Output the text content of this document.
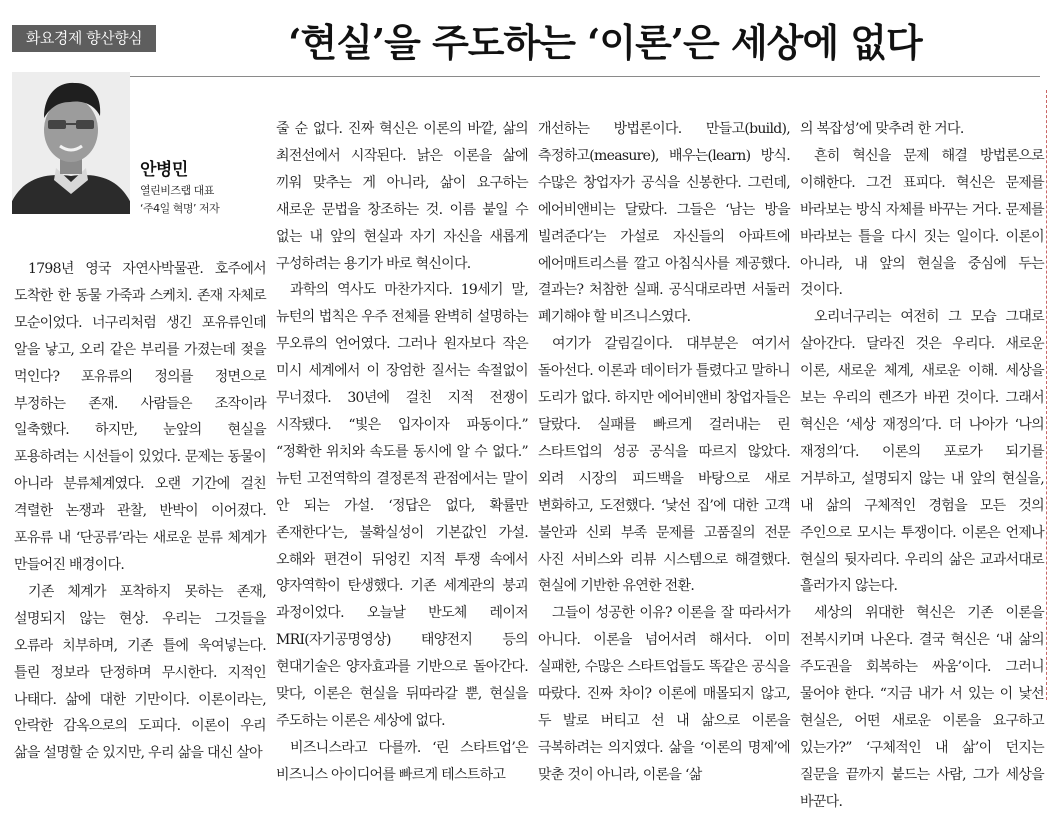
화요경제 향산향심	‘현실’을 주도하는 ‘이론’은 세상에 없다
안병민
열린비즈랩 대표
‘주4일 혁명’ 저자

1798년 영국 자연사박물관. 호주에서 도착한 한 동물 가죽과 스케치. 존재 자체로 모순이었다. 너구리처럼 생긴 포유류인데 알을 낳고, 오리 같은 부리를 가졌는데 젖을 먹인다? 포유류의 정의를 정면으로 부정하는 존재. 사람들은 조작이라 일축했다. 하지만, 눈앞의 현실을 포용하려는 시선들이 있었다. 문제는 동물이 아니라 분류체계였다. 오랜 기간에 걸친 격렬한 논쟁과 관찰, 반박이 이어졌다. 포유류 내 ‘단공류’라는 새로운 분류 체계가 만들어진 배경이다.

기존 체계가 포착하지 못하는 존재, 설명되지 않는 현상. 우리는 그것들을 오류라 치부하며, 기존 틀에 욱여넣는다. 틀린 정보라 단정하며 무시한다. 지적인 나태다. 삶에 대한 기만이다. 이론이라는, 안락한 감옥으로의 도피다. 이론이 우리 삶을 설명할 순 있지만, 우리 삶을 대신 살아

줄 순 없다. 진짜 혁신은 이론의 바깥, 삶의 최전선에서 시작된다. 낡은 이론을 삶에 끼워 맞추는 게 아니라, 삶이 요구하는 새로운 문법을 창조하는 것. 이름 붙일 수 없는 내 앞의 현실과 자기 자신을 새롭게 구성하려는 용기가 바로 혁신이다.

과학의 역사도 마찬가지다. 19세기 말, 뉴턴의 법칙은 우주 전체를 완벽히 설명하는 무오류의 언어였다. 그러나 원자보다 작은 미시 세계에서 이 장엄한 질서는 속절없이 무너졌다. 30년에 걸친 지적 전쟁이 시작됐다. “빛은 입자이자 파동이다.” “정확한 위치와 속도를 동시에 알 수 없다.” 뉴턴 고전역학의 결정론적 관점에서는 말이 안 되는 가설. ‘정답은 없다, 확률만 존재한다’는, 불확실성이 기본값인 가설. 오해와 편견이 뒤엉킨 지적 투쟁 속에서 양자역학이 탄생했다. 기존 세계관의 붕괴 과정이었다. 오늘날 반도체 레이저 MRI(자기공명영상) 태양전지 등의 현대기술은 양자효과를 기반으로 돌아간다. 맞다, 이론은 현실을 뒤따라갈 뿐, 현실을 주도하는 이론은 세상에 없다.

비즈니스라고 다를까. ‘린 스타트업’은 비즈니스 아이디어를 빠르게 테스트하고

개선하는 방법론이다. 만들고(build), 측정하고(measure), 배우는(learn) 방식. 수많은 창업자가 공식을 신봉한다. 그런데, 에어비앤비는 달랐다. 그들은 ‘남는 방을 빌려준다’는 가설로 자신들의 아파트에 에어매트리스를 깔고 아침식사를 제공했다. 결과는? 처참한 실패. 공식대로라면 서둘러 폐기해야 할 비즈니스였다.

여기가 갈림길이다. 대부분은 여기서 돌아선다. 이론과 데이터가 틀렸다고 말하니 도리가 없다. 하지만 에어비앤비 창업자들은 달랐다. 실패를 빠르게 걸러내는 린 스타트업의 성공 공식을 따르지 않았다. 외려 시장의 피드백을 바탕으로 새로 변화하고, 도전했다. ‘낯선 집’에 대한 고객 불안과 신뢰 부족 문제를 고품질의 전문 사진 서비스와 리뷰 시스템으로 해결했다. 현실에 기반한 유연한 전환.

그들이 성공한 이유? 이론을 잘 따라서가 아니다. 이론을 넘어서려 해서다. 이미 실패한, 수많은 스타트업들도 똑같은 공식을 따랐다. 진짜 차이? 이론에 매몰되지 않고, 두 발로 버티고 선 내 삶으로 이론을 극복하려는 의지였다. 삶을 ‘이론의 명제’에 맞춘 것이 아니라, 이론을 ‘삶

의 복잡성’에 맞추려 한 거다.

흔히 혁신을 문제 해결 방법론으로 이해한다. 그건 표피다. 혁신은 문제를 바라보는 방식 자체를 바꾸는 거다. 문제를 바라보는 틀을 다시 짓는 일이다. 이론이 아니라, 내 앞의 현실을 중심에 두는 것이다.

오리너구리는 여전히 그 모습 그대로 살아간다. 달라진 것은 우리다. 새로운 이론, 새로운 체계, 새로운 이해. 세상을 보는 우리의 렌즈가 바뀐 것이다. 그래서 혁신은 ‘세상 재정의’다. 더 나아가 ‘나의 재정의’다. 이론의 포로가 되기를 거부하고, 설명되지 않는 내 앞의 현실을, 내 삶의 구체적인 경험을 모든 것의 주인으로 모시는 투쟁이다. 이론은 언제나 현실의 뒷자리다. 우리의 삶은 교과서대로 흘러가지 않는다.

세상의 위대한 혁신은 기존 이론을 전복시키며 나온다. 결국 혁신은 ‘내 삶의 주도권을 회복하는 싸움’이다. 그러니 물어야 한다. “지금 내가 서 있는 이 낯선 현실은, 어떤 새로운 이론을 요구하고 있는가?” ‘구체적인 내 삶’이 던지는 질문을 끝까지 붙드는 사람, 그가 세상을 바꾼다.
